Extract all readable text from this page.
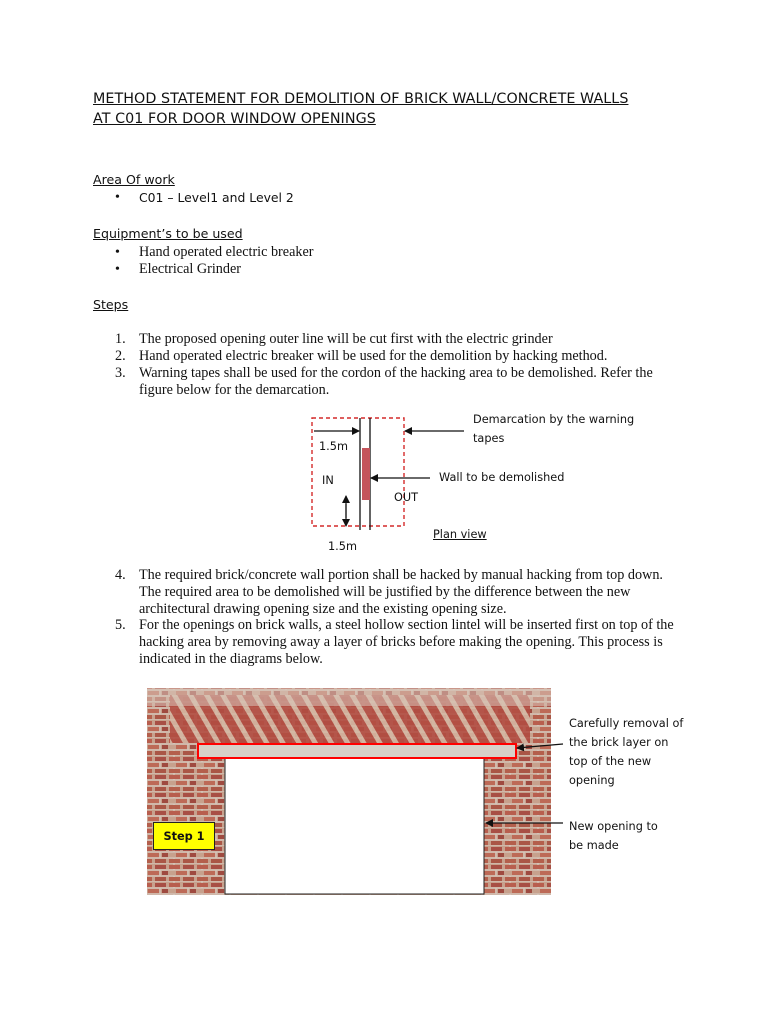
METHOD STATEMENT FOR DEMOLITION OF BRICK WALL/CONCRETE WALLS
AT C01 FOR DOOR WINDOW OPENINGS
Area Of work
• C01 – Level1 and Level 2
Equipment’s to be used
• Hand operated electric breaker
• Electrical Grinder
Steps
1. The proposed opening outer line will be cut first with the electric grinder
2. Hand operated electric breaker will be used for the demolition by hacking method.
3. Warning tapes shall be used for the cordon of the hacking area to be demolished. Refer the figure below for the demarcation.
Demarcation by the warning tapes
1.5m
IN	Wall to be demolished
OUT
Plan view
1.5m
4. The required brick/concrete wall portion shall be hacked by manual hacking from top down. The required area to be demolished will be justified by the difference between the new architectural drawing opening size and the existing opening size.
5. For the openings on brick walls, a steel hollow section lintel will be inserted first on top of the hacking area by removing away a layer of bricks before making the opening. This process is indicated in the diagrams below.
Step 1
Carefully removal of the brick layer on top of the new opening
New opening to be made
